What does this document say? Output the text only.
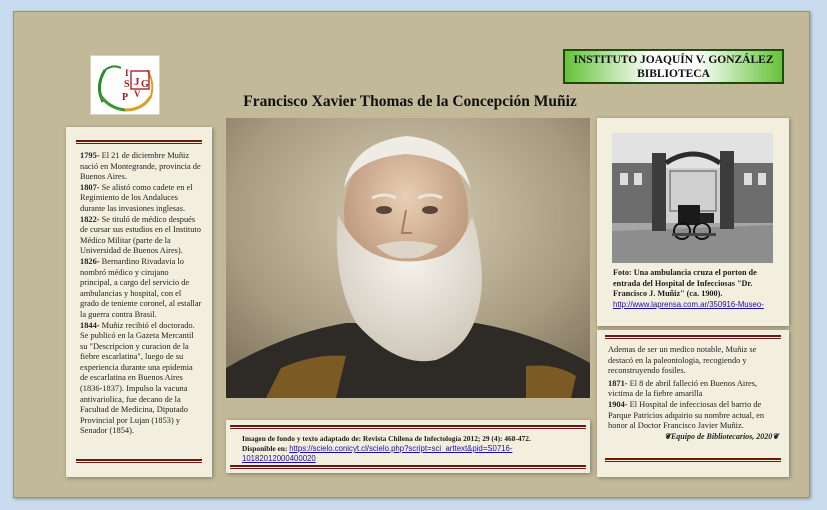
I
S
P
J
V
G
INSTITUTO JOAQUÍN V. GONZÁLEZ
BIBLIOTECA
Francisco Xavier Thomas de la Concepción Muñiz
1795- El 21 de diciembre Muñiz nació en Montegrande, provincia de Buenos Aires.
1807- Se alistó como cadete en el Regimiento de los Andaluces durante las invasiones inglesas.
1822- Se tituló de médico después de cursar sus estudios en el Instituto Médico Militar (parte de la Universidad de Buenos Aires).
1826- Bernardino Rivadavia lo nombró médico y cirujano principal, a cargo del servicio de ambulancias y hospital, con el grado de teniente coronel, al estallar la guerra contra Brasil.
1844- Muñiz recibió el doctorado. Se publicó en la Gazeta Mercantil su "Descripcion y curacion de la fiebre escarlatina", luego de su experiencia durante una epidemia de escarlatina en Buenos Aires (1836-1837). Impulso la vacuna antivariolica, fue decano de la Facultad de Medicina, Diputado Provincial por Lujan (1853) y Senador (1854).
Imagen de fondo y texto adaptado de: Revista Chilena de Infectología 2012; 29 (4): 468-472.
Disponible en: https://scielo.conicyt.cl/scielo.php?script=sci_arttext&pid=S0716-10182012000400020
Foto: Una ambulancia cruza el porton de entrada del Hospital de Infecciosas "Dr. Francisco J. Muñiz" (ca. 1900).
http://www.laprensa.com.ar/350916-Museo-
Ademas de ser un medico notable, Muñiz se destacó en la paleontologia, recogiendo y reconstruyendo fosiles.
1871- El 8 de abril falleció en Buenos Aires, victima de la fiebre amarilla
1904- El Hospital de infecciosas del barrio de Parque Patricios adquirio su nombre actual, en honor al Doctor Francisco Javier Muñiz.
❦Equipo de Bibliotecarios, 2020❦
